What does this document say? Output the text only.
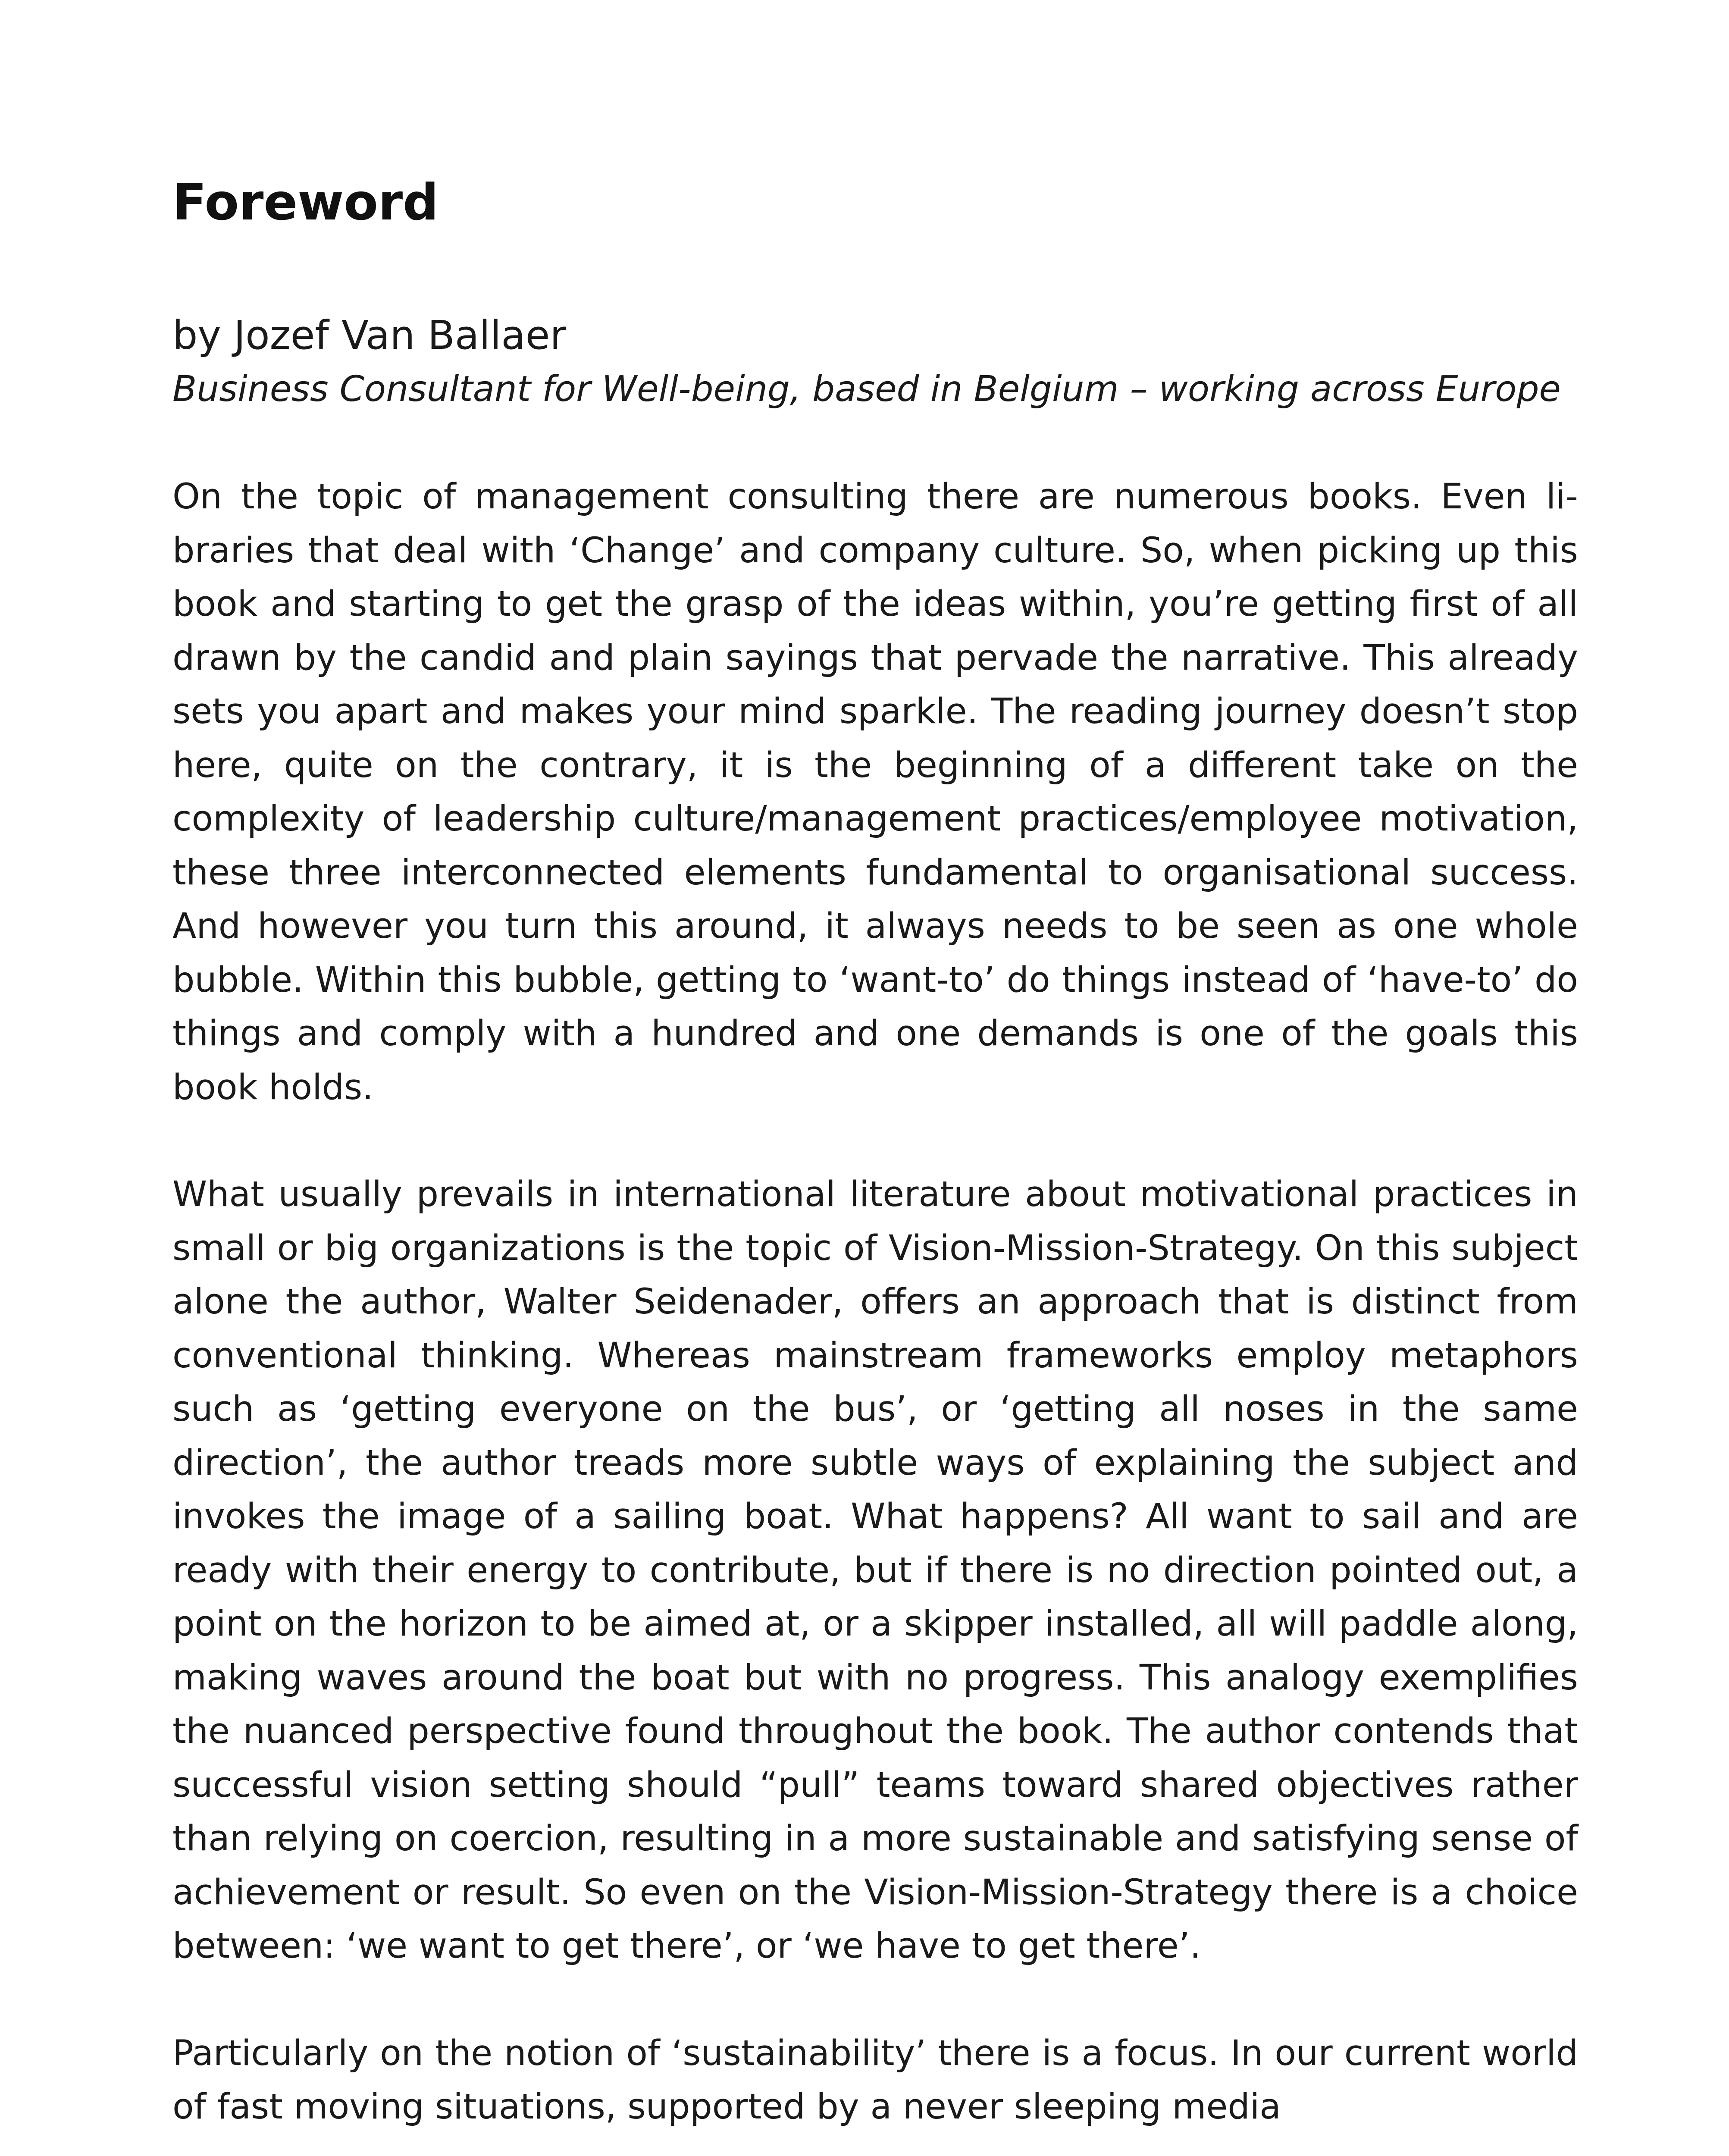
Foreword
by Jozef Van Ballaer
Business Consultant for Well-being, based in Belgium – working across Europe

On the topic of management consulting there are numerous books. Even libraries that deal with ‘Change’ and company culture. So, when picking up this book and starting to get the grasp of the ideas within, you’re getting first of all drawn by the candid and plain sayings that pervade the narrative. This already sets you apart and makes your mind sparkle. The reading journey doesn’t stop here, quite on the contrary, it is the beginning of a different take on the complexity of leadership culture/management practices/employee motivation, these three interconnected elements fundamental to organisational success. And however you turn this around, it always needs to be seen as one whole bubble. Within this bubble, getting to ‘want-to’ do things instead of ‘have-to’ do things and comply with a hundred and one demands is one of the goals this book holds.

What usually prevails in international literature about motivational practices in small or big organizations is the topic of Vision-Mission-Strategy. On this subject alone the author, Walter Seidenader, offers an approach that is distinct from conventional thinking. Whereas mainstream frameworks employ metaphors such as ‘getting everyone on the bus’, or ‘getting all noses in the same direction’, the author treads more subtle ways of explaining the subject and invokes the image of a sailing boat. What happens? All want to sail and are ready with their energy to contribute, but if there is no direction pointed out, a point on the horizon to be aimed at, or a skipper installed, all will paddle along, making waves around the boat but with no progress. This analogy exemplifies the nuanced perspective found throughout the book. The author contends that successful vision setting should “pull” teams toward shared objectives rather than relying on coercion, resulting in a more sustainable and satisfying sense of achievement or result. So even on the Vision-Mission-Strategy there is a choice between: ‘we want to get there’, or ‘we have to get there’.

Particularly on the notion of ‘sustainability’ there is a focus. In our current world of fast moving situations, supported by a never sleeping media
